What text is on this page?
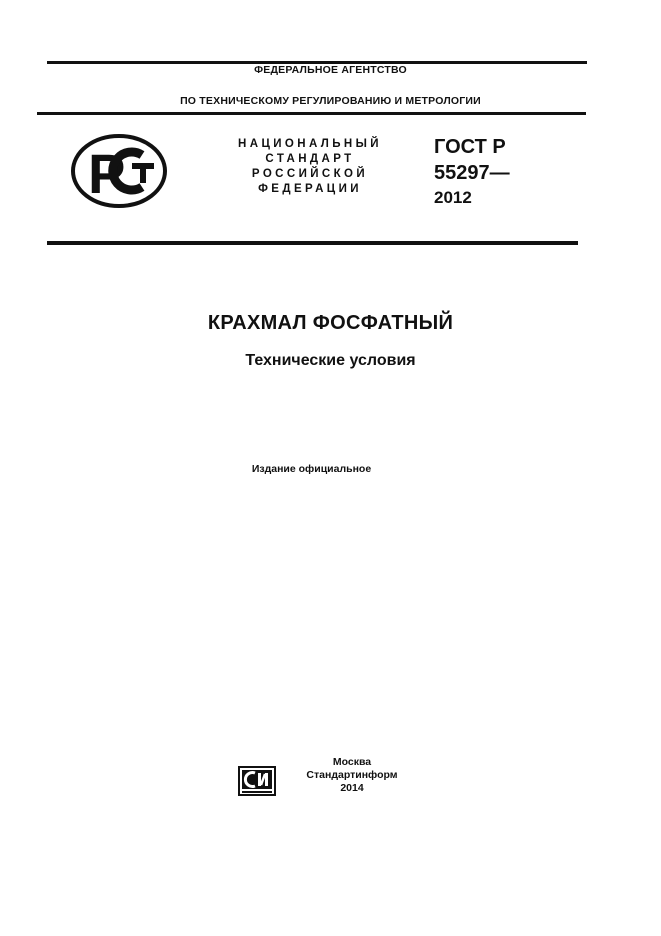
ФЕДЕРАЛЬНОЕ АГЕНТСТВО
ПО ТЕХНИЧЕСКОМУ РЕГУЛИРОВАНИЮ И МЕТРОЛОГИИ
Р	НАЦИОНАЛЬНЫЙ
СТАНДАРТ
РОССИЙСКОЙ
ФЕДЕРАЦИИ
ГОСТ Р
55297—
2012
КРАХМАЛ ФОСФАТНЫЙ
Технические условия
Издание официальное
Москва
Стандартинформ
2014
